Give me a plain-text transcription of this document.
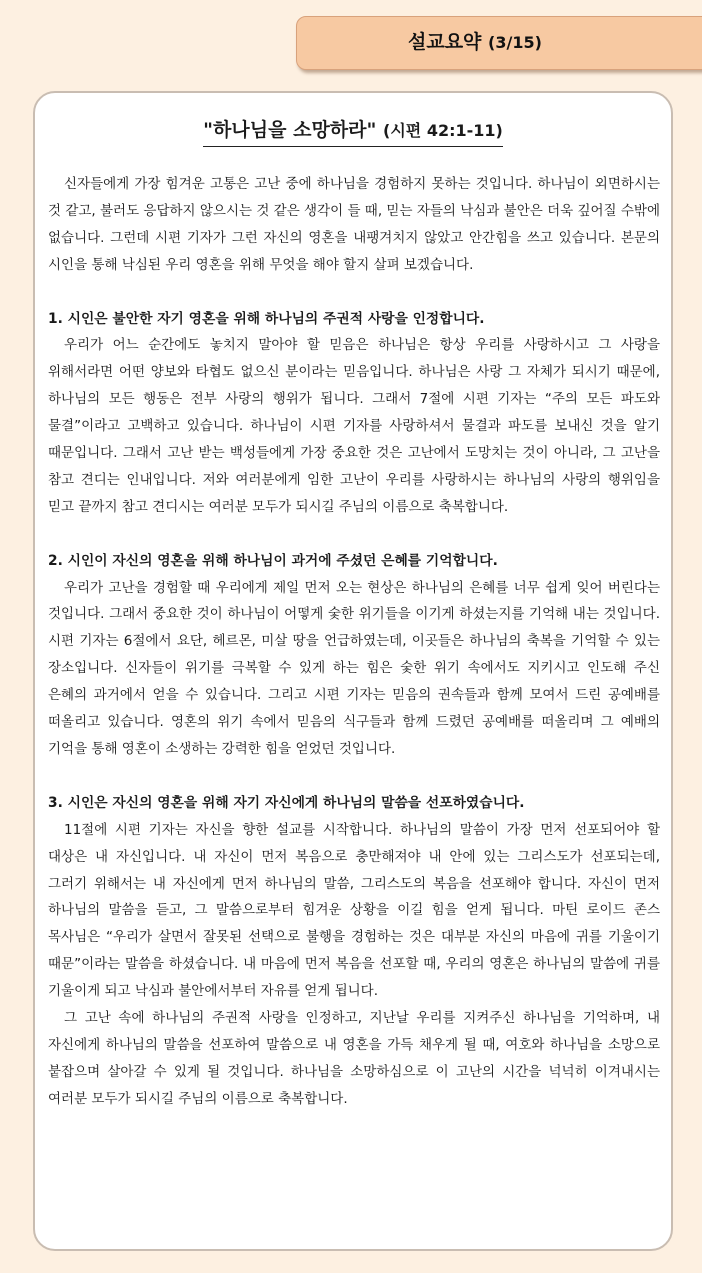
설교요약 (3/15)
"하나님을 소망하라" (시편 42:1-11)

신자들에게 가장 힘겨운 고통은 고난 중에 하나님을 경험하지 못하는 것입니다. 하나님이 외면하시는 것 같고, 불러도 응답하지 않으시는 것 같은 생각이 들 때, 믿는 자들의 낙심과 불안은 더욱 깊어질 수밖에 없습니다. 그런데 시편 기자가 그런 자신의 영혼을 내팽겨치지 않았고 안간힘을 쓰고 있습니다. 본문의 시인을 통해 낙심된 우리 영혼을 위해 무엇을 해야 할지 살펴 보겠습니다.

1. 시인은 불안한 자기 영혼을 위해 하나님의 주권적 사랑을 인정합니다.

우리가 어느 순간에도 놓치지 말아야 할 믿음은 하나님은 항상 우리를 사랑하시고 그 사랑을 위해서라면 어떤 양보와 타협도 없으신 분이라는 믿음입니다. 하나님은 사랑 그 자체가 되시기 때문에, 하나님의 모든 행동은 전부 사랑의 행위가 됩니다. 그래서 7절에 시편 기자는 “주의 모든 파도와 물결”이라고 고백하고 있습니다. 하나님이 시편 기자를 사랑하셔서 물결과 파도를 보내신 것을 알기 때문입니다. 그래서 고난 받는 백성들에게 가장 중요한 것은 고난에서 도망치는 것이 아니라, 그 고난을 참고 견디는 인내입니다. 저와 여러분에게 임한 고난이 우리를 사랑하시는 하나님의 사랑의 행위임을 믿고 끝까지 참고 견디시는 여러분 모두가 되시길 주님의 이름으로 축복합니다.

2. 시인이 자신의 영혼을 위해 하나님이 과거에 주셨던 은혜를 기억합니다.

우리가 고난을 경험할 때 우리에게 제일 먼저 오는 현상은 하나님의 은혜를 너무 쉽게 잊어 버린다는 것입니다. 그래서 중요한 것이 하나님이 어떻게 숯한 위기들을 이기게 하셨는지를 기억해 내는 것입니다. 시편 기자는 6절에서 요단, 헤르몬, 미살 땅을 언급하였는데, 이곳들은 하나님의 축복을 기억할 수 있는 장소입니다. 신자들이 위기를 극복할 수 있게 하는 힘은 숯한 위기 속에서도 지키시고 인도해 주신 은혜의 과거에서 얻을 수 있습니다. 그리고 시편 기자는 믿음의 권속들과 함께 모여서 드린 공예배를 떠올리고 있습니다. 영혼의 위기 속에서 믿음의 식구들과 함께 드렸던 공예배를 떠올리며 그 예배의 기억을 통해 영혼이 소생하는 강력한 힘을 얻었던 것입니다.

3. 시인은 자신의 영혼을 위해 자기 자신에게 하나님의 말씀을 선포하였습니다.

11절에 시편 기자는 자신을 향한 설교를 시작합니다. 하나님의 말씀이 가장 먼저 선포되어야 할 대상은 내 자신입니다. 내 자신이 먼저 복음으로 충만해져야 내 안에 있는 그리스도가 선포되는데, 그러기 위해서는 내 자신에게 먼저 하나님의 말씀, 그리스도의 복음을 선포해야 합니다. 자신이 먼저 하나님의 말씀을 듣고, 그 말씀으로부터 힘겨운 상황을 이길 힘을 얻게 됩니다. 마틴 로이드 존스 목사님은 “우리가 살면서 잘못된 선택으로 불행을 경험하는 것은 대부분 자신의 마음에 귀를 기울이기 때문”이라는 말씀을 하셨습니다. 내 마음에 먼저 복음을 선포할 때, 우리의 영혼은 하나님의 말씀에 귀를 기울이게 되고 낙심과 불안에서부터 자유를 얻게 됩니다.

그 고난 속에 하나님의 주권적 사랑을 인정하고, 지난날 우리를 지켜주신 하나님을 기억하며, 내 자신에게 하나님의 말씀을 선포하여 말씀으로 내 영혼을 가득 채우게 될 때, 여호와 하나님을 소망으로 붙잡으며 살아갈 수 있게 될 것입니다. 하나님을 소망하심으로 이 고난의 시간을 넉넉히 이겨내시는 여러분 모두가 되시길 주님의 이름으로 축복합니다.
